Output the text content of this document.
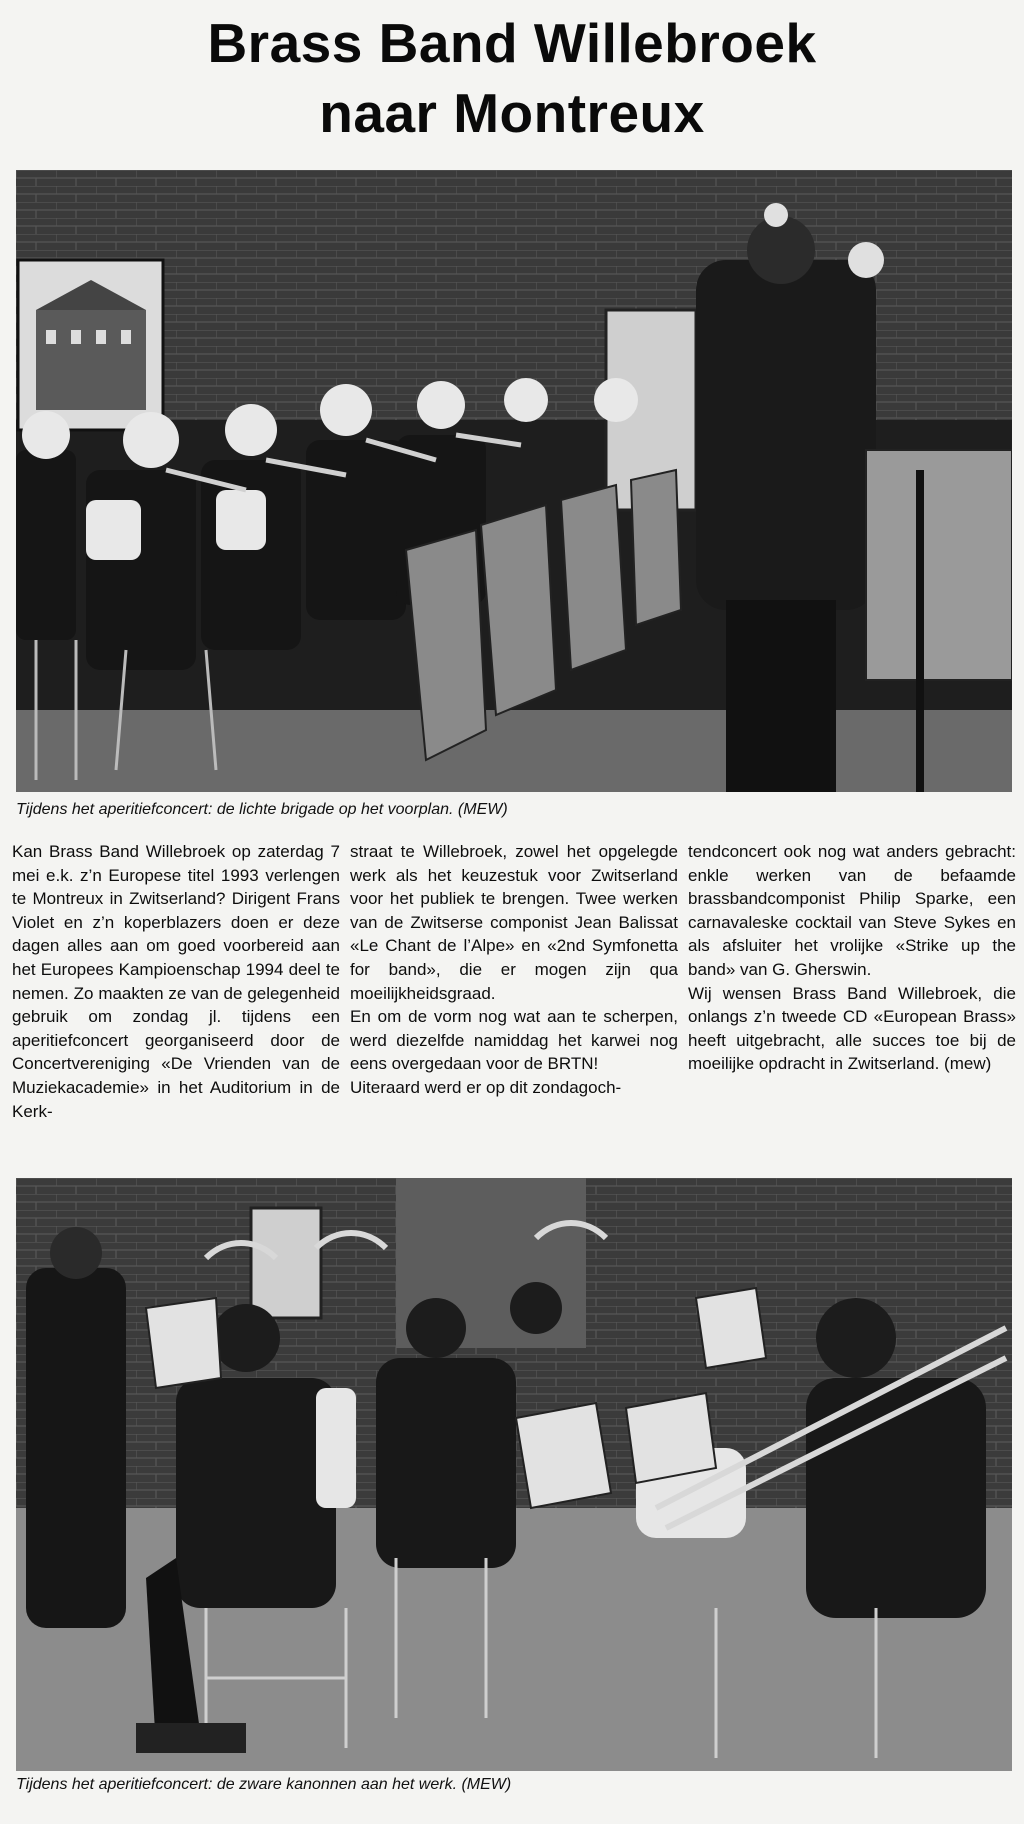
Brass Band Willebroek
naar Montreux
Tijdens het aperitiefconcert: de lichte brigade op het voorplan. (MEW)

Kan Brass Band Willebroek op zaterdag 7 mei e.k. z’n Europese titel 1993 verlengen te Montreux in Zwitserland? Dirigent Frans Violet en z’n koperblazers doen er deze dagen alles aan om goed voorbereid aan het Europees Kampioenschap 1994 deel te nemen. Zo maakten ze van de gelegenheid gebruik om zondag jl. tijdens een aperitiefconcert georganiseerd door de Concertvereniging «De Vrienden van de Muziekacademie» in het Auditorium in de Kerk-

straat te Willebroek, zowel het opgelegde werk als het keuzestuk voor Zwitserland voor het publiek te brengen. Twee werken van de Zwitserse componist Jean Balissat «Le Chant de l’Alpe» en «2nd Symfonetta for band», die er mogen zijn qua moeilijkheidsgraad.

En om de vorm nog wat aan te scherpen, werd diezelfde namiddag het karwei nog eens overgedaan voor de BRTN!

Uiteraard werd er op dit zondagoch-

tendconcert ook nog wat anders gebracht: enkle werken van de befaamde brassbandcomponist Philip Sparke, een carnavaleske cocktail van Steve Sykes en als afsluiter het vrolijke «Strike up the band» van G. Gherswin.

Wij wensen Brass Band Willebroek, die onlangs z’n tweede CD «European Brass» heeft uitgebracht, alle succes toe bij de moeilijke opdracht in Zwitserland. (mew)

Tijdens het aperitiefconcert: de zware kanonnen aan het werk. (MEW)
